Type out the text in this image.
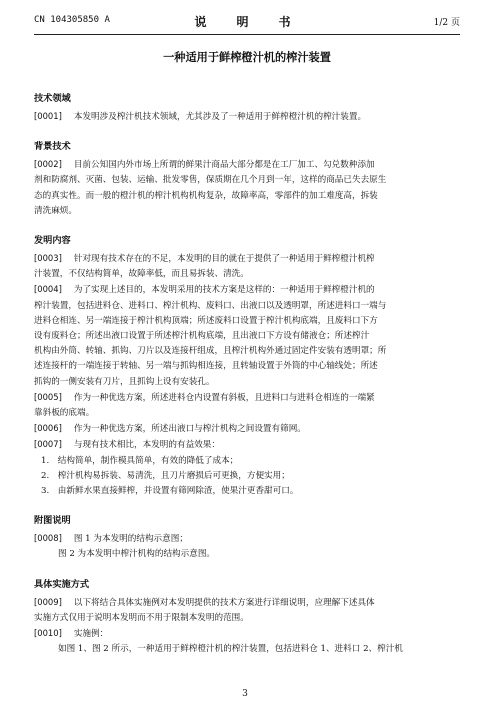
CN 104305850 A	说　明　书	1/2 页
一种适用于鲜榨橙汁机的榨汁装置
技术领域

[0001] 本发明涉及榨汁机技术领域，尤其涉及了一种适用于鲜榨橙汁机的榨汁装置。

背景技术

[0002] 目前公知国内外市场上所谓的鲜果汁商品大部分都是在工厂加工、勾兑数种添加

剂和防腐剂、灭菌、包装、运输、批发零售，保质期在几个月到一年，这样的商品已失去原生

态的真实性。而一般的橙汁机的榨汁机构机构复杂，故障率高，零部件的加工难度高，拆装

清洗麻烦。

发明内容

[0003] 针对现有技术存在的不足，本发明的目的就在于提供了一种适用于鲜榨橙汁机榨

汁装置，不仅结构简单，故障率低，而且易拆装、清洗。

[0004] 为了实现上述目的，本发明采用的技术方案是这样的：一种适用于鲜榨橙汁机的

榨汁装置，包括进料仓、进料口、榨汁机构、废料口、出液口以及透明罩，所述进料口一端与

进料仓相连、另一端连接于榨汁机构顶端；所述废料口设置于榨汁机构底端，且废料口下方

设有废料仓；所述出液口设置于所述榨汁机构底端，且出液口下方设有储液仓；所述榨汁

机构由外筒、转轴、抓钩、刀片以及连接杆组成，且榨汁机构外通过固定件安装有透明罩；所

述连接杆的一端连接于转轴、另一端与抓钩相连接，且转轴设置于外筒的中心轴线处；所述

抓钩的一侧安装有刀片，且抓钩上设有安装孔。

[0005] 作为一种优选方案，所述进料仓内设置有斜板，且进料口与进料仓相连的一端紧

靠斜板的底端。

[0006] 作为一种优选方案，所述出液口与榨汁机构之间设置有筛网。

[0007] 与现有技术相比，本发明的有益效果：

1.　结构简单，制作模具简单，有效的降低了成本；

2.　榨汁机构易拆装、易清洗，且刀片磨损后可更换，方便实用；

3.　由新鲜水果直接鲜榨，并设置有筛网除渣，使果汁更香甜可口。

附图说明

[0008] 图 1 为本发明的结构示意图；

图 2 为本发明中榨汁机构的结构示意图。

具体实施方式

[0009] 以下将结合具体实施例对本发明提供的技术方案进行详细说明，应理解下述具体

实施方式仅用于说明本发明而不用于限制本发明的范围。

[0010] 实施例：

如图 1、图 2 所示，一种适用于鲜榨橙汁机的榨汁装置，包括进料仓 1、进料口 2、榨汁机

3
